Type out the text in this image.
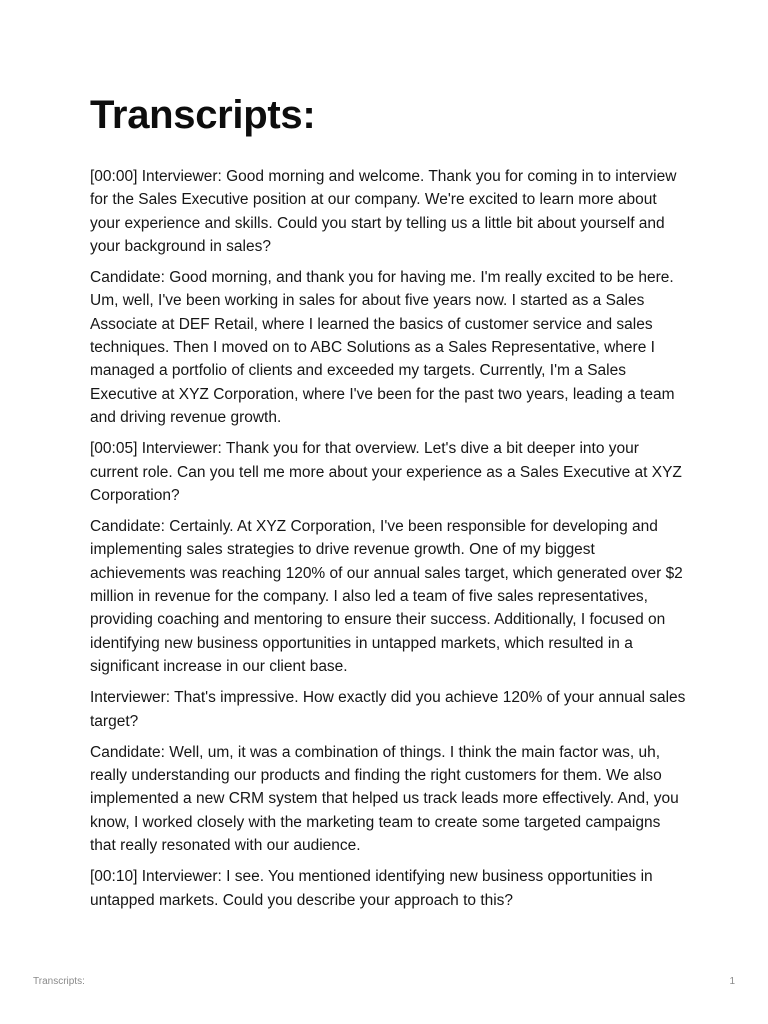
Transcripts:

[00:00] Interviewer: Good morning and welcome. Thank you for coming in to interview for the Sales Executive position at our company. We're excited to learn more about your experience and skills. Could you start by telling us a little bit about yourself and your background in sales?

Candidate: Good morning, and thank you for having me. I'm really excited to be here. Um, well, I've been working in sales for about five years now. I started as a Sales Associate at DEF Retail, where I learned the basics of customer service and sales techniques. Then I moved on to ABC Solutions as a Sales Representative, where I managed a portfolio of clients and exceeded my targets. Currently, I'm a Sales Executive at XYZ Corporation, where I've been for the past two years, leading a team and driving revenue growth.

[00:05] Interviewer: Thank you for that overview. Let's dive a bit deeper into your current role. Can you tell me more about your experience as a Sales Executive at XYZ Corporation?

Candidate: Certainly. At XYZ Corporation, I've been responsible for developing and implementing sales strategies to drive revenue growth. One of my biggest achievements was reaching 120% of our annual sales target, which generated over $2 million in revenue for the company. I also led a team of five sales representatives, providing coaching and mentoring to ensure their success. Additionally, I focused on identifying new business opportunities in untapped markets, which resulted in a significant increase in our client base.

Interviewer: That's impressive. How exactly did you achieve 120% of your annual sales target?

Candidate: Well, um, it was a combination of things. I think the main factor was, uh, really understanding our products and finding the right customers for them. We also implemented a new CRM system that helped us track leads more effectively. And, you know, I worked closely with the marketing team to create some targeted campaigns that really resonated with our audience.

[00:10] Interviewer: I see. You mentioned identifying new business opportunities in untapped markets. Could you describe your approach to this?

Transcripts:	1
